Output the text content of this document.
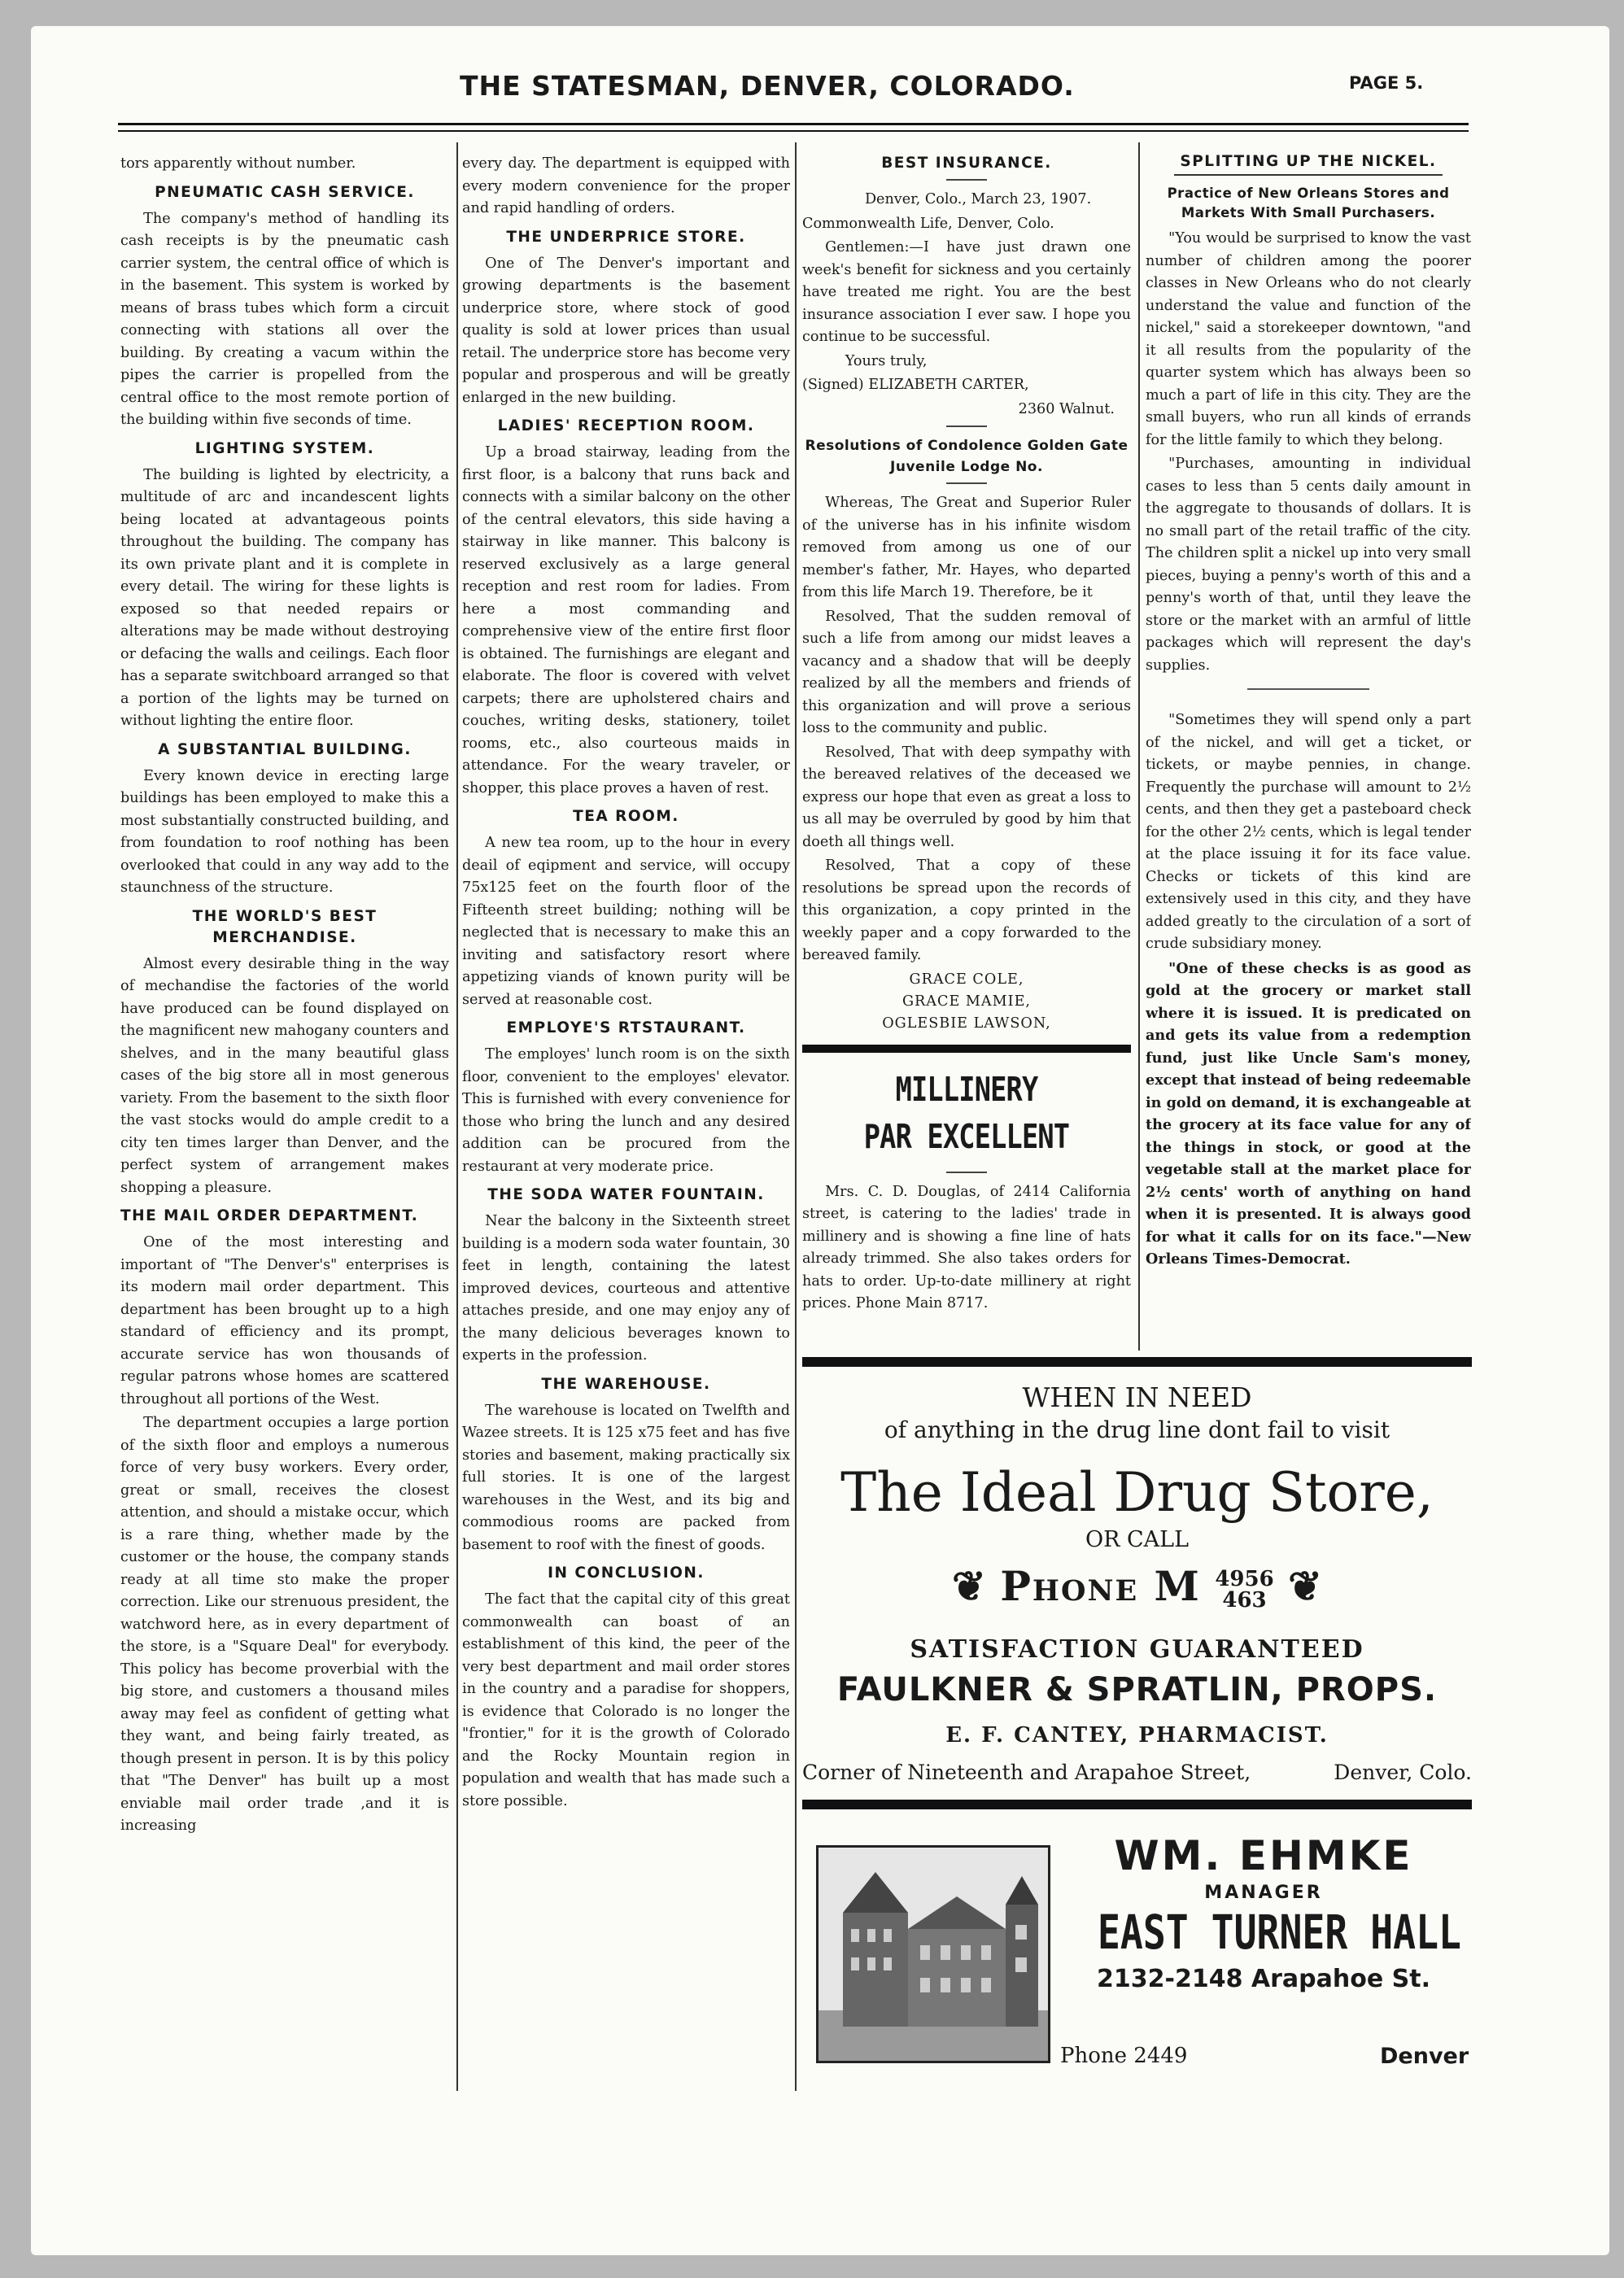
THE STATESMAN, DENVER, COLORADO.	PAGE 5.

tors apparently without number.

PNEUMATIC CASH SERVICE.

The company's method of handling its cash receipts is by the pneumatic cash carrier system, the central office of which is in the basement. This system is worked by means of brass tubes which form a circuit connecting with stations all over the building. By creating a vacum within the pipes the carrier is propelled from the central office to the most remote portion of the building within five seconds of time.

LIGHTING SYSTEM.

The building is lighted by electricity, a multitude of arc and incandescent lights being located at advantageous points throughout the building. The company has its own private plant and it is complete in every detail. The wiring for these lights is exposed so that needed repairs or alterations may be made without destroying or defacing the walls and ceilings. Each floor has a separate switchboard arranged so that a portion of the lights may be turned on without lighting the entire floor.

A SUBSTANTIAL BUILDING.

Every known device in erecting large buildings has been employed to make this a most substantially constructed building, and from foundation to roof nothing has been overlooked that could in any way add to the staunchness of the structure.

THE WORLD'S BEST MERCHANDISE.

Almost every desirable thing in the way of mechandise the factories of the world have produced can be found displayed on the magnificent new mahogany counters and shelves, and in the many beautiful glass cases of the big store all in most generous variety. From the basement to the sixth floor the vast stocks would do ample credit to a city ten times larger than Denver, and the perfect system of arrangement makes shopping a pleasure.

THE MAIL ORDER DEPARTMENT.

One of the most interesting and important of "The Denver's" enterprises is its modern mail order department. This department has been brought up to a high standard of efficiency and its prompt, accurate service has won thousands of regular patrons whose homes are scattered throughout all portions of the West.

The department occupies a large portion of the sixth floor and employs a numerous force of very busy workers. Every order, great or small, receives the closest attention, and should a mistake occur, which is a rare thing, whether made by the customer or the house, the company stands ready at all time sto make the proper correction. Like our strenuous president, the watchword here, as in every department of the store, is a "Square Deal" for everybody. This policy has become proverbial with the big store, and customers a thousand miles away may feel as confident of getting what they want, and being fairly treated, as though present in person. It is by this policy that "The Denver" has built up a most enviable mail order trade ,and it is increasing

every day. The department is equipped with every modern convenience for the proper and rapid handling of orders.

THE UNDERPRICE STORE.

One of The Denver's important and growing departments is the basement underprice store, where stock of good quality is sold at lower prices than usual retail. The underprice store has become very popular and prosperous and will be greatly enlarged in the new building.

LADIES' RECEPTION ROOM.

Up a broad stairway, leading from the first floor, is a balcony that runs back and connects with a similar balcony on the other of the central elevators, this side having a stairway in like manner. This balcony is reserved exclusively as a large general reception and rest room for ladies. From here a most commanding and comprehensive view of the entire first floor is obtained. The furnishings are elegant and elaborate. The floor is covered with velvet carpets; there are upholstered chairs and couches, writing desks, stationery, toilet rooms, etc., also courteous maids in attendance. For the weary traveler, or shopper, this place proves a haven of rest.

TEA ROOM.

A new tea room, up to the hour in every deail of eqipment and service, will occupy 75x125 feet on the fourth floor of the Fifteenth street building; nothing will be neglected that is necessary to make this an inviting and satisfactory resort where appetizing viands of known purity will be served at reasonable cost.

EMPLOYE'S RTSTAURANT.

The employes' lunch room is on the sixth floor, convenient to the employes' elevator. This is furnished with every convenience for those who bring the lunch and any desired addition can be procured from the restaurant at very moderate price.

THE SODA WATER FOUNTAIN.

Near the balcony in the Sixteenth street building is a modern soda water fountain, 30 feet in length, containing the latest improved devices, courteous and attentive attaches preside, and one may enjoy any of the many delicious beverages known to experts in the profession.

THE WAREHOUSE.

The warehouse is located on Twelfth and Wazee streets. It is 125 x75 feet and has five stories and basement, making practically six full stories. It is one of the largest warehouses in the West, and its big and commodious rooms are packed from basement to roof with the finest of goods.

IN CONCLUSION.

The fact that the capital city of this great commonwealth can boast of an establishment of this kind, the peer of the very best department and mail order stores in the country and a paradise for shoppers, is evidence that Colorado is no longer the "frontier," for it is the growth of Colorado and the Rocky Mountain region in population and wealth that has made such a store possible.

BEST INSURANCE.

Denver, Colo., March 23, 1907.

Commonwealth Life, Denver, Colo.

Gentlemen:—I have just drawn one week's benefit for sickness and you certainly have treated me right. You are the best insurance association I ever saw. I hope you continue to be successful.

Yours truly,

(Signed) ELIZABETH CARTER,

2360 Walnut.

Resolutions of Condolence Golden Gate Juvenile Lodge No.

Whereas, The Great and Superior Ruler of the universe has in his infinite wisdom removed from among us one of our member's father, Mr. Hayes, who departed from this life March 19. Therefore, be it

Resolved, That the sudden removal of such a life from among our midst leaves a vacancy and a shadow that will be deeply realized by all the members and friends of this organization and will prove a serious loss to the community and public.

Resolved, That with deep sympathy with the bereaved relatives of the deceased we express our hope that even as great a loss to us all may be overruled by good by him that doeth all things well.

Resolved, That a copy of these resolutions be spread upon the records of this organization, a copy printed in the weekly paper and a copy forwarded to the bereaved family.

GRACE COLE,
GRACE MAMIE,
OGLESBIE LAWSON,
MILLINERY
PAR EXCELLENT

Mrs. C. D. Douglas, of 2414 California street, is catering to the ladies' trade in millinery and is showing a fine line of hats already trimmed. She also takes orders for hats to order. Up-to-date millinery at right prices. Phone Main 8717.

SPLITTING UP THE NICKEL.
Practice of New Orleans Stores and Markets With Small Purchasers.

"You would be surprised to know the vast number of children among the poorer classes in New Orleans who do not clearly understand the value and function of the nickel," said a storekeeper downtown, "and it all results from the popularity of the quarter system which has always been so much a part of life in this city. They are the small buyers, who run all kinds of errands for the little family to which they belong.

"Purchases, amounting in individual cases to less than 5 cents daily amount in the aggregate to thousands of dollars. It is no small part of the retail traffic of the city. The children split a nickel up into very small pieces, buying a penny's worth of this and a penny's worth of that, until they leave the store or the market with an armful of little packages which will represent the day's supplies.

"Sometimes they will spend only a part of the nickel, and will get a ticket, or tickets, or maybe pennies, in change. Frequently the purchase will amount to 2½ cents, and then they get a pasteboard check for the other 2½ cents, which is legal tender at the place issuing it for its face value. Checks or tickets of this kind are extensively used in this city, and they have added greatly to the circulation of a sort of crude subsidiary money.

"One of these checks is as good as gold at the grocery or market stall where it is issued. It is predicated on and gets its value from a redemption fund, just like Uncle Sam's money, except that instead of being redeemable in gold on demand, it is exchangeable at the grocery at its face value for any of the things in stock, or good at the vegetable stall at the market place for 2½ cents' worth of anything on hand when it is presented. It is always good for what it calls for on its face."—New Orleans Times-Democrat.

WHEN IN NEED
of anything in the drug line dont fail to visit
The Ideal Drug Store,
OR CALL
❦ Phone M 4956
463 ❦
SATISFACTION GUARANTEED
FAULKNER & SPRATLIN, PROPS.
E. F. CANTEY, PHARMACIST.
Corner of Nineteenth and Arapahoe Street,	Denver, Colo.
WM. EHMKE
MANAGER
EAST TURNER HALL
2132-2148 Arapahoe St.
Phone 2449	Denver
